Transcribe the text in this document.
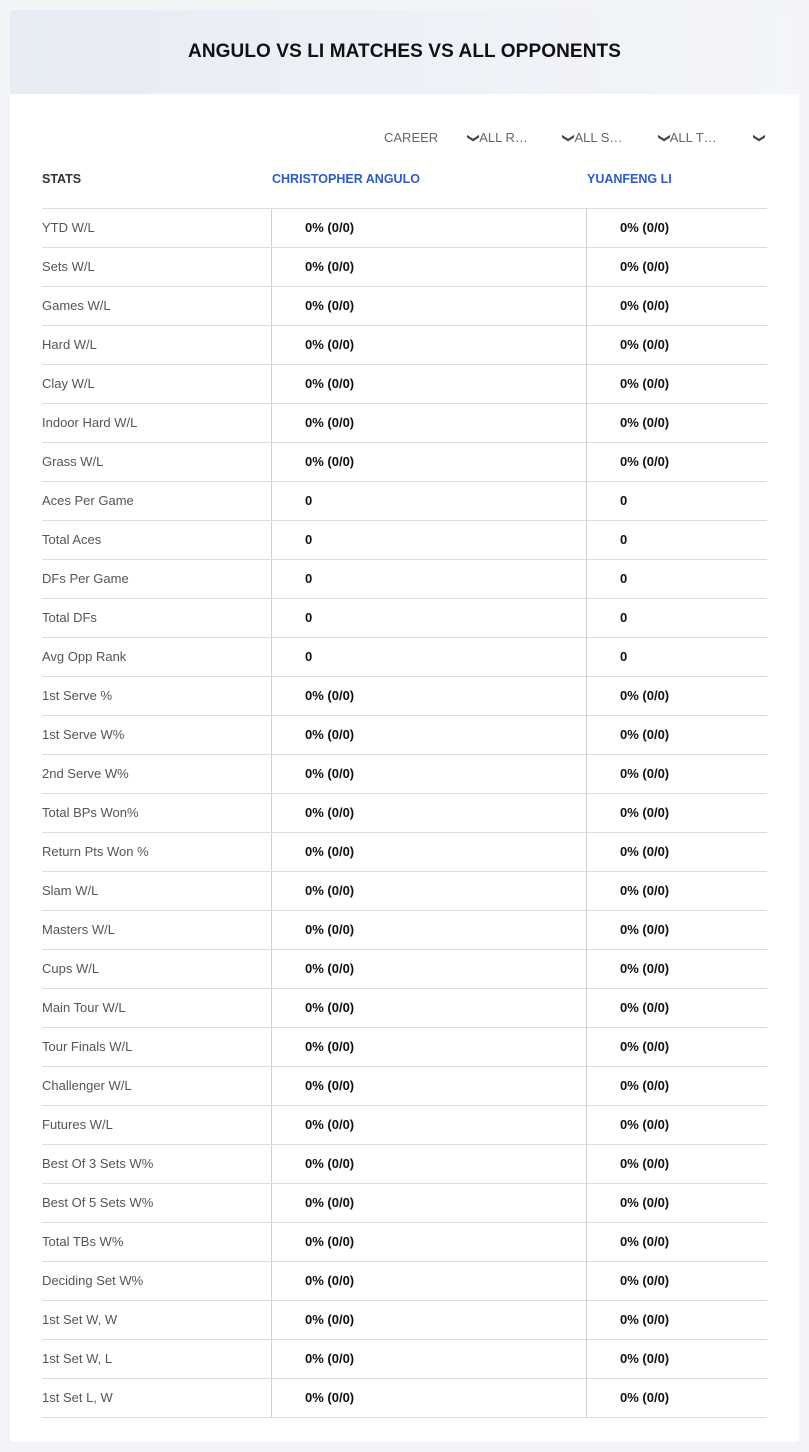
ANGULO VS LI MATCHES VS ALL OPPONENTS
CAREER ❯
ALL R…	❯
ALL S…	❯
ALL T…	❯
STATS	CHRISTOPHER ANGULO	YUANFENG LI
YTD W/L	0% (0/0)	0% (0/0)
Sets W/L	0% (0/0)	0% (0/0)
Games W/L	0% (0/0)	0% (0/0)
Hard W/L	0% (0/0)	0% (0/0)
Clay W/L	0% (0/0)	0% (0/0)
Indoor Hard W/L	0% (0/0)	0% (0/0)
Grass W/L	0% (0/0)	0% (0/0)
Aces Per Game	0	0
Total Aces	0	0
DFs Per Game	0	0
Total DFs	0	0
Avg Opp Rank	0	0
1st Serve %	0% (0/0)	0% (0/0)
1st Serve W%	0% (0/0)	0% (0/0)
2nd Serve W%	0% (0/0)	0% (0/0)
Total BPs Won%	0% (0/0)	0% (0/0)
Return Pts Won %	0% (0/0)	0% (0/0)
Slam W/L	0% (0/0)	0% (0/0)
Masters W/L	0% (0/0)	0% (0/0)
Cups W/L	0% (0/0)	0% (0/0)
Main Tour W/L	0% (0/0)	0% (0/0)
Tour Finals W/L	0% (0/0)	0% (0/0)
Challenger W/L	0% (0/0)	0% (0/0)
Futures W/L	0% (0/0)	0% (0/0)
Best Of 3 Sets W%	0% (0/0)	0% (0/0)
Best Of 5 Sets W%	0% (0/0)	0% (0/0)
Total TBs W%	0% (0/0)	0% (0/0)
Deciding Set W%	0% (0/0)	0% (0/0)
1st Set W, W	0% (0/0)	0% (0/0)
1st Set W, L	0% (0/0)	0% (0/0)
1st Set L, W	0% (0/0)	0% (0/0)
